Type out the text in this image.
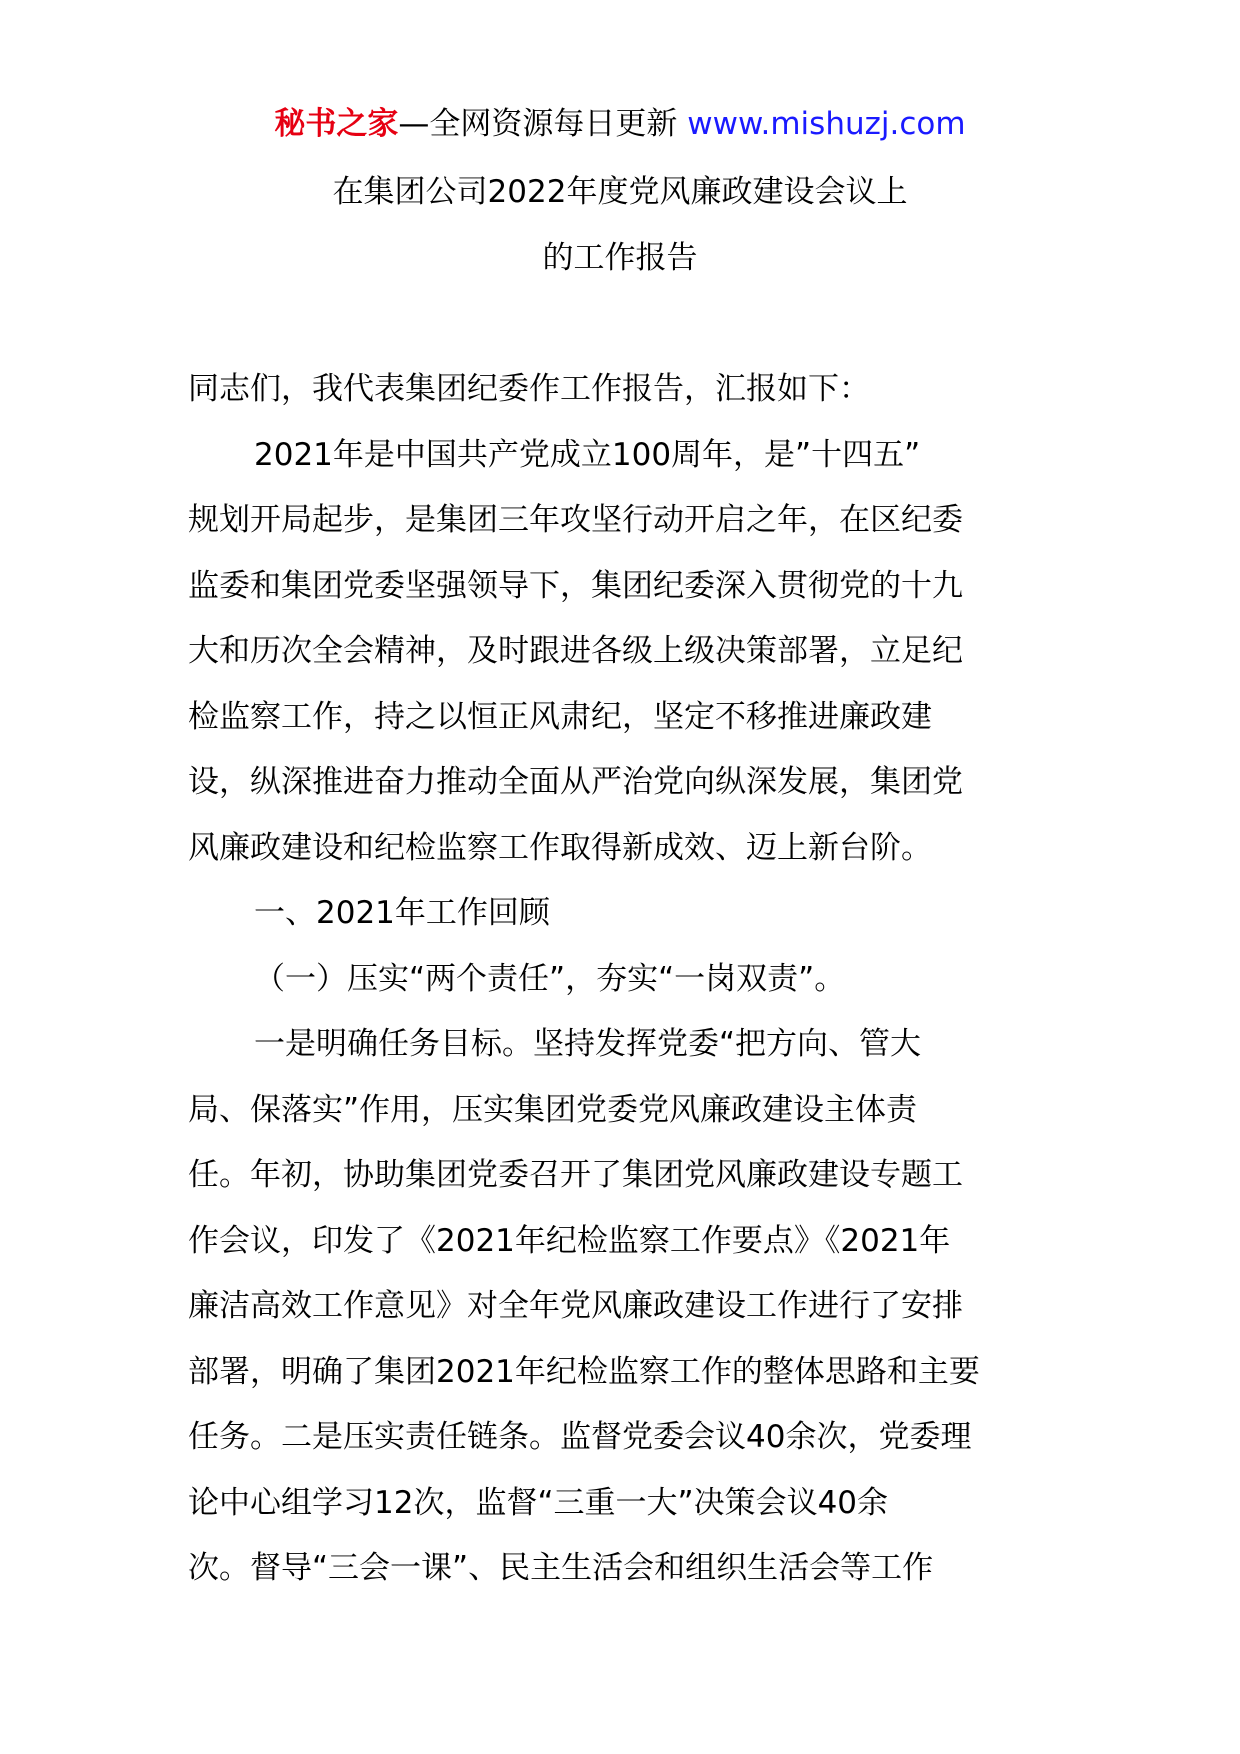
秘书之家—全网资源每日更新 www.mishuzj.com
在集团公司2022年度党风廉政建设会议上
的工作报告
同志们，我代表集团纪委作工作报告，汇报如下：
2021年是中国共产党成立100周年，是”十四五”
规划开局起步，是集团三年攻坚行动开启之年，在区纪委
监委和集团党委坚强领导下，集团纪委深入贯彻党的十九
大和历次全会精神，及时跟进各级上级决策部署，立足纪
检监察工作，持之以恒正风肃纪，坚定不移推进廉政建
设，纵深推进奋力推动全面从严治党向纵深发展，集团党
风廉政建设和纪检监察工作取得新成效、迈上新台阶。
一、2021年工作回顾
（一）压实“两个责任”，夯实“一岗双责”。
一是明确任务目标。坚持发挥党委“把方向、管大
局、保落实”作用，压实集团党委党风廉政建设主体责
任。年初，协助集团党委召开了集团党风廉政建设专题工
作会议，印发了《2021年纪检监察工作要点》《2021年
廉洁高效工作意见》对全年党风廉政建设工作进行了安排
部署，明确了集团2021年纪检监察工作的整体思路和主要
任务。二是压实责任链条。监督党委会议40余次，党委理
论中心组学习12次，监督“三重一大”决策会议40余
次。督导“三会一课”、民主生活会和组织生活会等工作
